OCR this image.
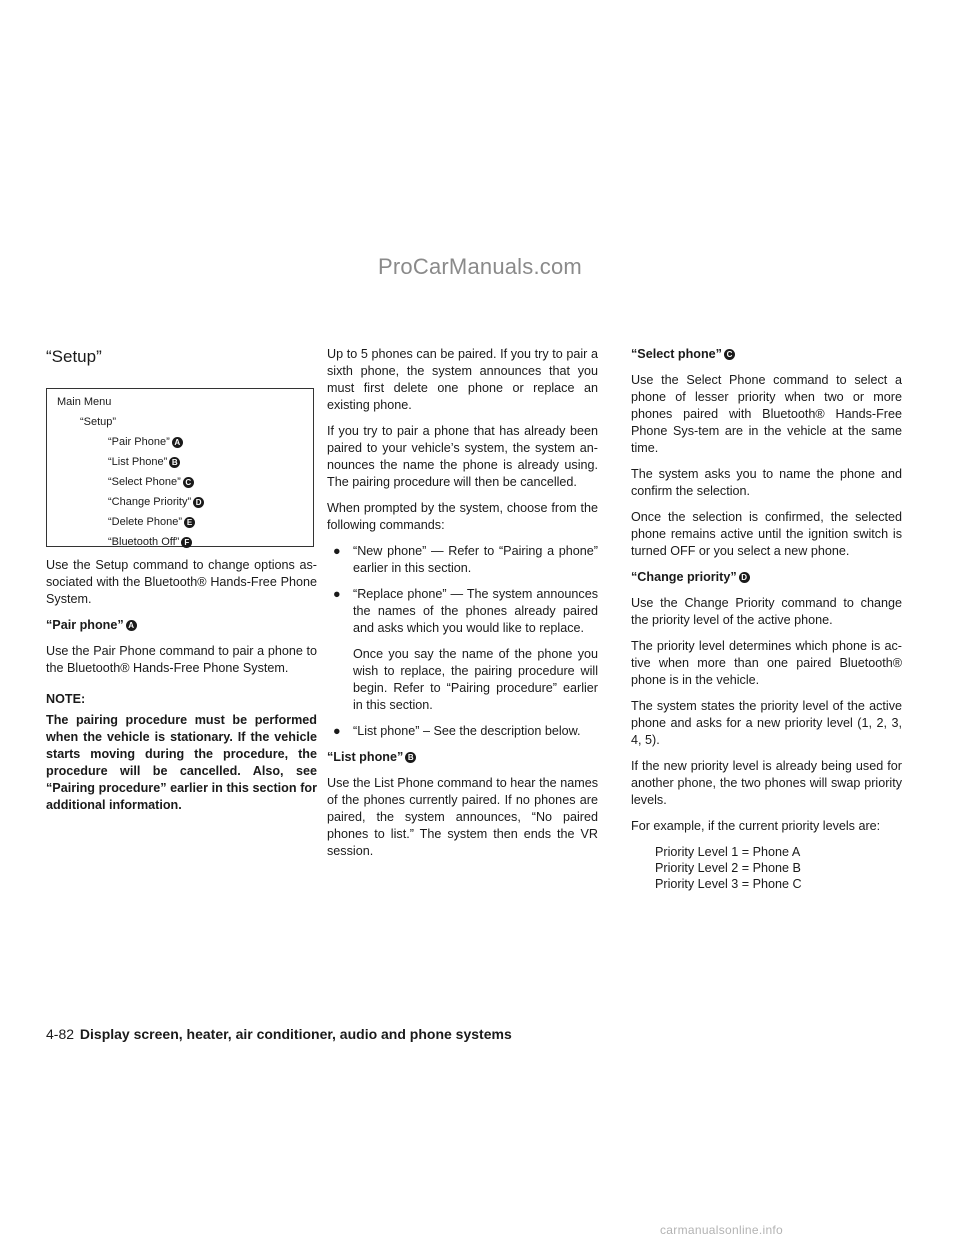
ProCarManuals.com
“Setup”
Main Menu
“Setup”
“Pair Phone” A
“List Phone” B
“Select Phone” C
“Change Priority” D
“Delete Phone” E
“Bluetooth Off” F

Use the Setup command to change options as-sociated with the Bluetooth® Hands-Free Phone System.

“Pair phone” A

Use the Pair Phone command to pair a phone to the Bluetooth® Hands-Free Phone System.

NOTE:
The pairing procedure must be performed when the vehicle is stationary. If the vehicle starts moving during the procedure, the procedure will be cancelled. Also, see “Pairing procedure” earlier in this section for additional information.

Up to 5 phones can be paired. If you try to pair a sixth phone, the system announces that you must first delete one phone or replace an existing phone.

If you try to pair a phone that has already been paired to your vehicle’s system, the system an-nounces the name the phone is already using. The pairing procedure will then be cancelled.

When prompted by the system, choose from the following commands:

● “New phone” — Refer to “Pairing a phone” earlier in this section.
● “Replace phone” — The system announces the names of the phones already paired and asks which you would like to replace.
Once you say the name of the phone you wish to replace, the pairing procedure will begin. Refer to “Pairing procedure” earlier in this section.
● “List phone” – See the description below.
“List phone” B

Use the List Phone command to hear the names of the phones currently paired. If no phones are paired, the system announces, “No paired phones to list.” The system then ends the VR session.

“Select phone” C

Use the Select Phone command to select a phone of lesser priority when two or more phones paired with Bluetooth® Hands-Free Phone Sys-tem are in the vehicle at the same time.

The system asks you to name the phone and confirm the selection.

Once the selection is confirmed, the selected phone remains active until the ignition switch is turned OFF or you select a new phone.

“Change priority” D

Use the Change Priority command to change the priority level of the active phone.

The priority level determines which phone is ac-tive when more than one paired Bluetooth® phone is in the vehicle.

The system states the priority level of the active phone and asks for a new priority level (1, 2, 3, 4, 5).

If the new priority level is already being used for another phone, the two phones will swap priority levels.

For example, if the current priority levels are:

Priority Level 1 = Phone A
Priority Level 2 = Phone B
Priority Level 3 = Phone C
4-82 Display screen, heater, air conditioner, audio and phone systems
carmanualsonline.info
